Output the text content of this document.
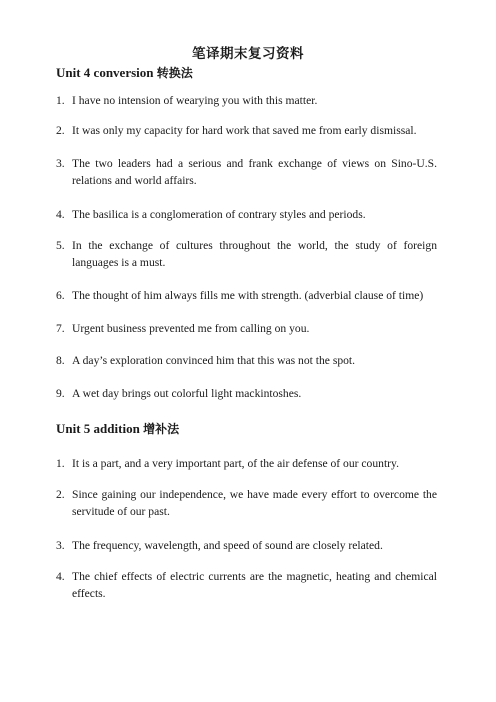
笔译期末复习资料
Unit 4 conversion 转换法
1. I have no intension of wearying you with this matter.
2. It was only my capacity for hard work that saved me from early dismissal.
3. The two leaders had a serious and frank exchange of views on Sino-U.S. relations and world affairs.
4. The basilica is a conglomeration of contrary styles and periods.
5. In the exchange of cultures throughout the world, the study of foreign languages is a must.
6. The thought of him always fills me with strength. (adverbial clause of time)
7. Urgent business prevented me from calling on you.
8. A day’s exploration convinced him that this was not the spot.
9. A wet day brings out colorful light mackintoshes.
Unit 5 addition 增补法
1. It is a part, and a very important part, of the air defense of our country.
2. Since gaining our independence, we have made every effort to overcome the servitude of our past.
3. The frequency, wavelength, and speed of sound are closely related.
4. The chief effects of electric currents are the magnetic, heating and chemical effects.
